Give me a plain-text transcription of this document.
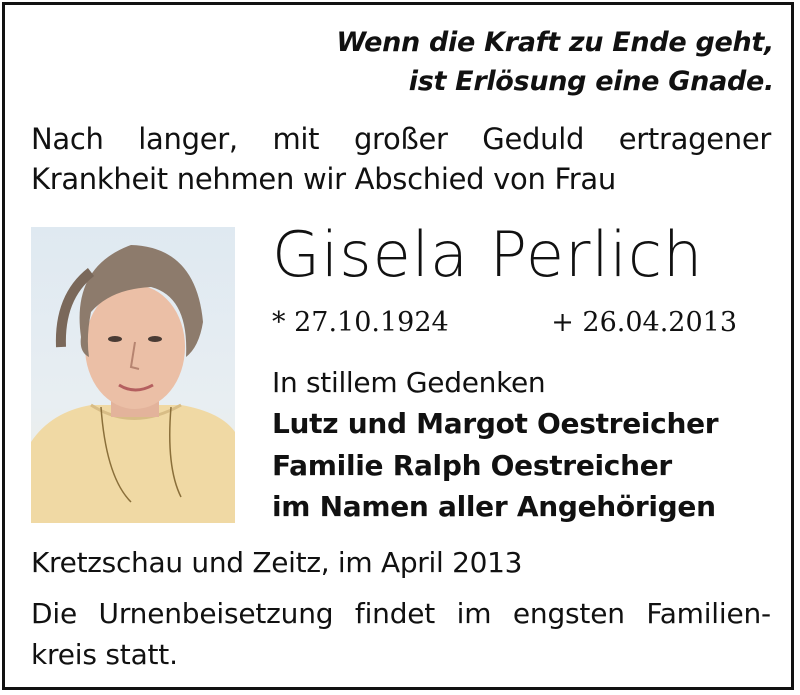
Wenn die Kraft zu Ende geht,
ist Erlösung eine Gnade.
Nach langer, mit großer Geduld ertragener
Krankheit nehmen wir Abschied von Frau
Gisela Perlich
* 27.10.1924	+ 26.04.2013
In stillem Gedenken
Lutz und Margot Oestreicher
Familie Ralph Oestreicher
im Namen aller Angehörigen
Kretzschau und Zeitz, im April 2013
Die Urnenbeisetzung findet im engsten Familien-
kreis statt.
